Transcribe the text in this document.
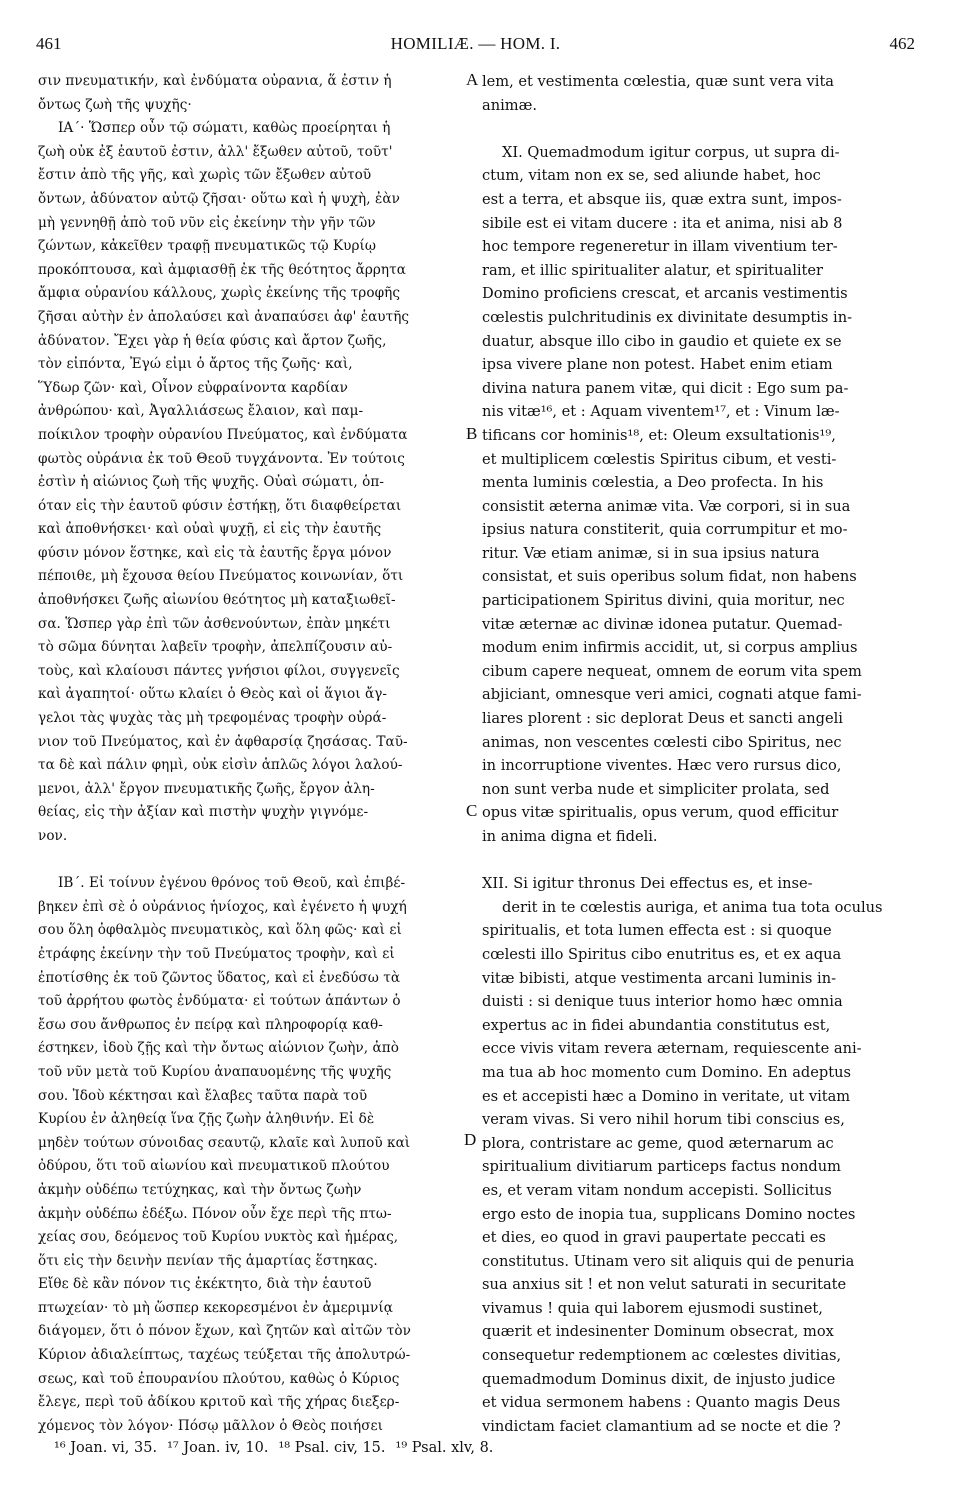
461	HOMILIÆ. — HOM. I.	462
σιν πνευματικήν, καὶ ἐνδύματα οὐρανια, ἅ ἐστιν ἡ
ὄντως ζωὴ τῆς ψυχῆς·
ΙΑ΄· Ὥσπερ οὖν τῷ σώματι, καθὼς προείρηται ἡ
ζωὴ οὐκ ἐξ ἑαυτοῦ ἐστιν, ἀλλ' ἔξωθεν αὐτοῦ, τοῦτ'
ἔστιν ἀπὸ τῆς γῆς, καὶ χωρὶς τῶν ἔξωθεν αὐτοῦ
ὄντων, ἀδύνατον αὐτῷ ζῆσαι· οὕτω καὶ ἡ ψυχὴ, ἐὰν
μὴ γεννηθῇ ἀπὸ τοῦ νῦν εἰς ἐκείνην τὴν γῆν τῶν
ζώντων, κἀκεῖθεν τραφῇ πνευματικῶς τῷ Κυρίῳ
προκόπτουσα, καὶ ἀμφιασθῇ ἐκ τῆς θεότητος ἄρρητα
ἄμφια οὐρανίου κάλλους, χωρὶς ἐκείνης τῆς τροφῆς
ζῆσαι αὐτὴν ἐν ἀπολαύσει καὶ ἀναπαύσει ἀφ' ἑαυτῆς
ἀδύνατον. Ἔχει γὰρ ἡ θεία φύσις καὶ ἄρτον ζωῆς,
τὸν εἰπόντα, Ἐγώ εἰμι ὁ ἄρτος τῆς ζωῆς· καὶ,
Ὕδωρ ζῶν· καὶ, Οἶνον εὐφραίνοντα καρδίαν
ἀνθρώπου· καὶ, Ἀγαλλιάσεως ἔλαιον, καὶ παμ-
ποίκιλον τροφὴν οὐρανίου Πνεύματος, καὶ ἐνδύματα
φωτὸς οὐράνια ἐκ τοῦ Θεοῦ τυγχάνοντα. Ἐν τούτοις
ἐστὶν ἡ αἰώνιος ζωὴ τῆς ψυχῆς. Οὐαὶ σώματι, ὁπ-
όταν εἰς τὴν ἑαυτοῦ φύσιν ἑστήκῃ, ὅτι διαφθείρεται
καὶ ἀποθνήσκει· καὶ οὐαὶ ψυχῇ, εἰ εἰς τὴν ἑαυτῆς
φύσιν μόνον ἕστηκε, καὶ εἰς τὰ ἑαυτῆς ἔργα μόνον
πέποιθε, μὴ ἔχουσα θείου Πνεύματος κοινωνίαν, ὅτι
ἀποθνήσκει ζωῆς αἰωνίου θεότητος μὴ καταξιωθεῖ-
σα. Ὥσπερ γὰρ ἐπὶ τῶν ἀσθενούντων, ἐπὰν μηκέτι
τὸ σῶμα δύνηται λαβεῖν τροφὴν, ἀπελπίζουσιν αὐ-
τοὺς, καὶ κλαίουσι πάντες γνήσιοι φίλοι, συγγενεῖς
καὶ ἀγαπητοί· οὕτω κλαίει ὁ Θεὸς καὶ οἱ ἅγιοι ἄγ-
γελοι τὰς ψυχὰς τὰς μὴ τρεφομένας τροφὴν οὐρά-
νιον τοῦ Πνεύματος, καὶ ἐν ἀφθαρσίᾳ ζησάσας. Ταῦ-
τα δὲ καὶ πάλιν φημὶ, οὐκ εἰσὶν ἁπλῶς λόγοι λαλού-
μενοι, ἀλλ' ἔργον πνευματικῆς ζωῆς, ἔργον ἀλη-
θείας, εἰς τὴν ἀξίαν καὶ πιστὴν ψυχὴν γιγνόμε-
νον.
ΙΒ΄. Εἰ τοίνυν ἐγένου θρόνος τοῦ Θεοῦ, καὶ ἐπιβέ-
βηκεν ἐπὶ σὲ ὁ οὐράνιος ἡνίοχος, καὶ ἐγένετο ἡ ψυχή
σου ὅλη ὀφθαλμὸς πνευματικὸς, καὶ ὅλη φῶς· καὶ εἰ
ἐτράφης ἐκείνην τὴν τοῦ Πνεύματος τροφὴν, καὶ εἰ
ἐποτίσθης ἐκ τοῦ ζῶντος ὕδατος, καὶ εἰ ἐνεδύσω τὰ
τοῦ ἀρρήτου φωτὸς ἐνδύματα· εἰ τούτων ἁπάντων ὁ
ἔσω σου ἄνθρωπος ἐν πείρᾳ καὶ πληροφορίᾳ καθ-
έστηκεν, ἰδοὺ ζῇς καὶ τὴν ὄντως αἰώνιον ζωὴν, ἀπὸ
τοῦ νῦν μετὰ τοῦ Κυρίου ἀναπαυομένης τῆς ψυχῆς
σου. Ἰδοὺ κέκτησαι καὶ ἔλαβες ταῦτα παρὰ τοῦ
Κυρίου ἐν ἀληθείᾳ ἵνα ζῇς ζωὴν ἀληθινήν. Εἰ δὲ
μηδὲν τούτων σύνοιδας σεαυτῷ, κλαῖε καὶ λυποῦ καὶ
ὀδύρου, ὅτι τοῦ αἰωνίου καὶ πνευματικοῦ πλούτου
ἀκμὴν οὐδέπω τετύχηκας, καὶ τὴν ὄντως ζωὴν
ἀκμὴν οὐδέπω ἐδέξω. Πόνον οὖν ἔχε περὶ τῆς πτω-
χείας σου, δεόμενος τοῦ Κυρίου νυκτὸς καὶ ἡμέρας,
ὅτι εἰς τὴν δεινὴν πενίαν τῆς ἁμαρτίας ἕστηκας.
Εἴθε δὲ κἂν πόνον τις ἐκέκτητο, διὰ τὴν ἑαυτοῦ
πτωχείαν· τὸ μὴ ὥσπερ κεκορεσμένοι ἐν ἀμεριμνίᾳ
διάγομεν, ὅτι ὁ πόνον ἔχων, καὶ ζητῶν καὶ αἰτῶν τὸν
Κύριον ἀδιαλείπτως, ταχέως τεύξεται τῆς ἀπολυτρώ-
σεως, καὶ τοῦ ἐπουρανίου πλούτου, καθὼς ὁ Κύριος
ἔλεγε, περὶ τοῦ ἀδίκου κριτοῦ καὶ τῆς χήρας διεξερ-
χόμενος τὸν λόγον· Πόσῳ μᾶλλον ὁ Θεὸς ποιήσει
lem, et vestimenta cœlestia, quæ sunt vera vita
animæ.
XI. Quemadmodum igitur corpus, ut supra di-
ctum, vitam non ex se, sed aliunde habet, hoc
est a terra, et absque iis, quæ extra sunt, impos-
sibile est ei vitam ducere : ita et anima, nisi ab 8
hoc tempore regeneretur in illam viventium ter-
ram, et illic spiritualiter alatur, et spiritualiter
Domino proficiens crescat, et arcanis vestimentis
cœlestis pulchritudinis ex divinitate desumptis in-
duatur, absque illo cibo in gaudio et quiete ex se
ipsa vivere plane non potest. Habet enim etiam
divina natura panem vitæ, qui dicit : Ego sum pa-
nis vitæ¹⁶, et : Aquam viventem¹⁷, et : Vinum læ-
tificans cor hominis¹⁸, et: Oleum exsultationis¹⁹,
et multiplicem cœlestis Spiritus cibum, et vesti-
menta luminis cœlestia, a Deo profecta. In his
consistit æterna animæ vita. Væ corpori, si in sua
ipsius natura constiterit, quia corrumpitur et mo-
ritur. Væ etiam animæ, si in sua ipsius natura
consistat, et suis operibus solum fidat, non habens
participationem Spiritus divini, quia moritur, nec
vitæ æternæ ac divinæ idonea putatur. Quemad-
modum enim infirmis accidit, ut, si corpus amplius
cibum capere nequeat, omnem de eorum vita spem
abjiciant, omnesque veri amici, cognati atque fami-
liares plorent : sic deplorat Deus et sancti angeli
animas, non vescentes cœlesti cibo Spiritus, nec
in incorruptione viventes. Hæc vero rursus dico,
non sunt verba nude et simpliciter prolata, sed
opus vitæ spiritualis, opus verum, quod efficitur
in anima digna et fideli.
XII. Si igitur thronus Dei effectus es, et inse-
derit in te cœlestis auriga, et anima tua tota oculus
spiritualis, et tota lumen effecta est : si quoque
cœlesti illo Spiritus cibo enutritus es, et ex aqua
vitæ bibisti, atque vestimenta arcani luminis in-
duisti : si denique tuus interior homo hæc omnia
expertus ac in fidei abundantia constitutus est,
ecce vivis vitam revera æternam, requiescente ani-
ma tua ab hoc momento cum Domino. En adeptus
es et accepisti hæc a Domino in veritate, ut vitam
veram vivas. Si vero nihil horum tibi conscius es,
plora, contristare ac geme, quod æternarum ac
spiritualium divitiarum particeps factus nondum
es, et veram vitam nondum accepisti. Sollicitus
ergo esto de inopia tua, supplicans Domino noctes
et dies, eo quod in gravi paupertate peccati es
constitutus. Utinam vero sit aliquis qui de penuria
sua anxius sit ! et non velut saturati in securitate
vivamus ! quia qui laborem ejusmodi sustinet,
quærit et indesinenter Dominum obsecrat, mox
consequetur redemptionem ac cœlestes divitias,
quemadmodum Dominus dixit, de injusto judice
et vidua sermonem habens : Quanto magis Deus
vindictam faciet clamantium ad se nocte et die ?
A
B
C
D
¹⁶ Joan. vi, 35. ¹⁷ Joan. iv, 10. ¹⁸ Psal. civ, 15. ¹⁹ Psal. xlv, 8.
